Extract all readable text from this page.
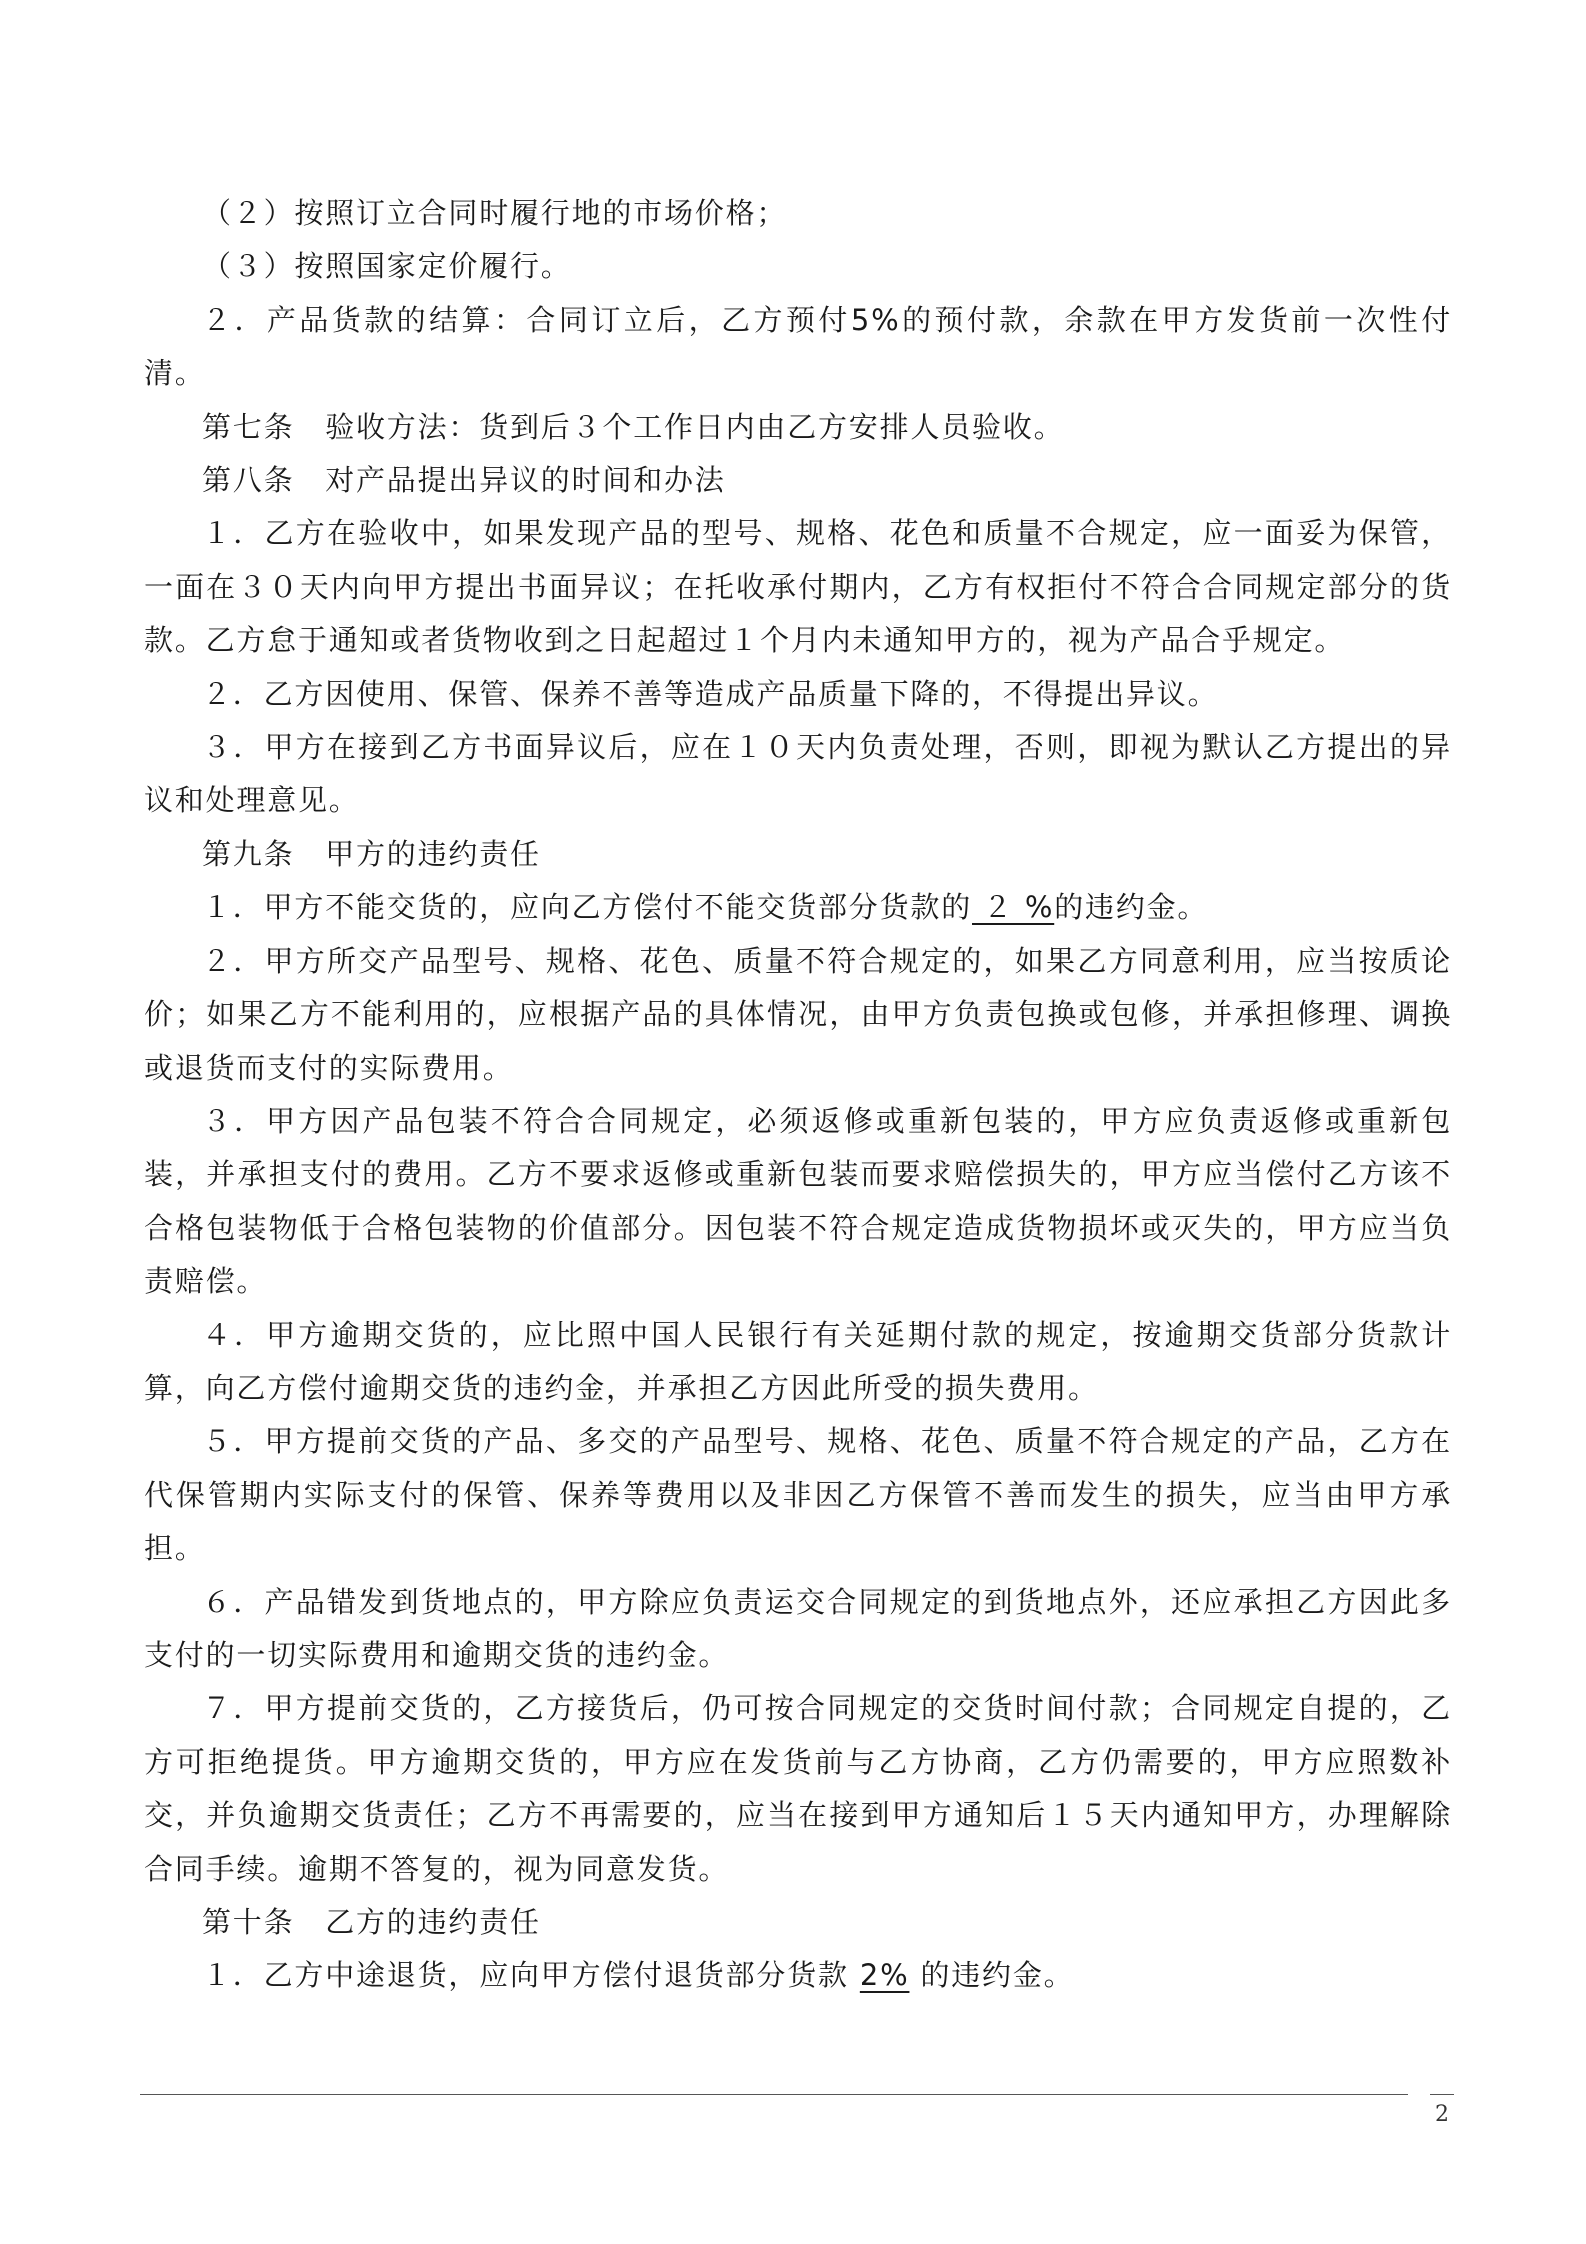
（２）按照订立合同时履行地的市场价格；

（３）按照国家定价履行。

２．产品货款的结算：合同订立后，乙方预付5%的预付款，余款在甲方发货前一次性付清。

第七条　验收方法：货到后３个工作日内由乙方安排人员验收。

第八条　对产品提出异议的时间和办法

１．乙方在验收中，如果发现产品的型号、规格、花色和质量不合规定，应一面妥为保管，一面在３０天内向甲方提出书面异议；在托收承付期内，乙方有权拒付不符合合同规定部分的货款。乙方怠于通知或者货物收到之日起超过１个月内未通知甲方的，视为产品合乎规定。

２．乙方因使用、保管、保养不善等造成产品质量下降的，不得提出异议。

３．甲方在接到乙方书面异议后，应在１０天内负责处理，否则，即视为默认乙方提出的异议和处理意见。

第九条　甲方的违约责任

１．甲方不能交货的，应向乙方偿付不能交货部分货款的 ２ %的违约金。

２．甲方所交产品型号、规格、花色、质量不符合规定的，如果乙方同意利用，应当按质论价；如果乙方不能利用的，应根据产品的具体情况，由甲方负责包换或包修，并承担修理、调换或退货而支付的实际费用。

３．甲方因产品包装不符合合同规定，必须返修或重新包装的，甲方应负责返修或重新包装，并承担支付的费用。乙方不要求返修或重新包装而要求赔偿损失的，甲方应当偿付乙方该不合格包装物低于合格包装物的价值部分。因包装不符合规定造成货物损坏或灭失的，甲方应当负责赔偿。

４．甲方逾期交货的，应比照中国人民银行有关延期付款的规定，按逾期交货部分货款计算，向乙方偿付逾期交货的违约金，并承担乙方因此所受的损失费用。

５．甲方提前交货的产品、多交的产品型号、规格、花色、质量不符合规定的产品，乙方在代保管期内实际支付的保管、保养等费用以及非因乙方保管不善而发生的损失，应当由甲方承担。

６．产品错发到货地点的，甲方除应负责运交合同规定的到货地点外，还应承担乙方因此多支付的一切实际费用和逾期交货的违约金。

７．甲方提前交货的，乙方接货后，仍可按合同规定的交货时间付款；合同规定自提的，乙方可拒绝提货。甲方逾期交货的，甲方应在发货前与乙方协商，乙方仍需要的，甲方应照数补交，并负逾期交货责任；乙方不再需要的，应当在接到甲方通知后１５天内通知甲方，办理解除合同手续。逾期不答复的，视为同意发货。

第十条　乙方的违约责任

１．乙方中途退货，应向甲方偿付退货部分货款 2% 的违约金。

2
